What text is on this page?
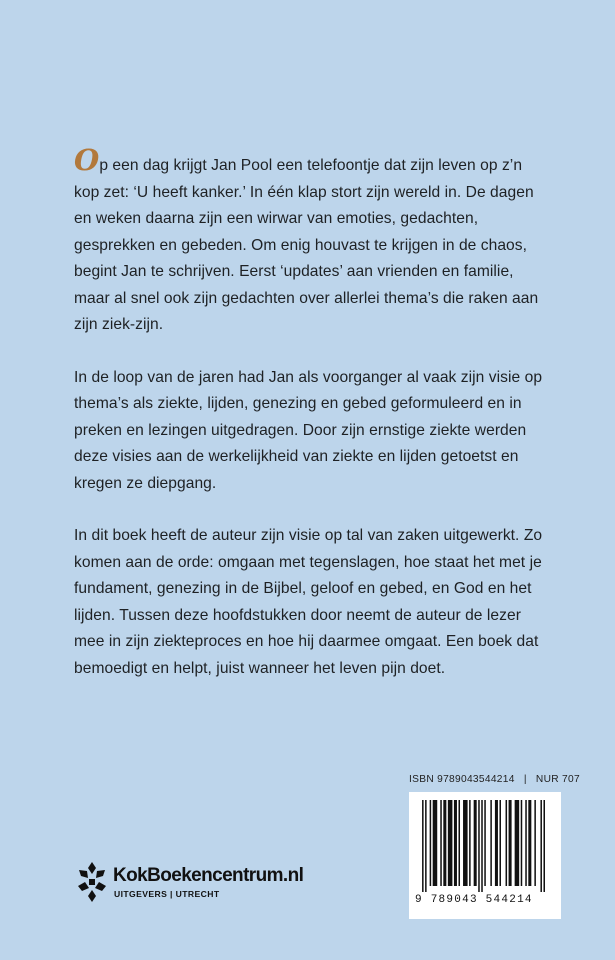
Op een dag krijgt Jan Pool een telefoontje dat zijn leven op z’n kop zet: ‘U heeft kanker.’ In één klap stort zijn wereld in. De dagen en weken daarna zijn een wirwar van emoties, gedachten, gesprekken en gebeden. Om enig houvast te krijgen in de chaos, begint Jan te schrijven. Eerst ‘updates’ aan vrienden en familie, maar al snel ook zijn gedachten over allerlei thema’s die raken aan zijn ziek-zijn.

In de loop van de jaren had Jan als voorganger al vaak zijn visie op thema’s als ziekte, lijden, genezing en gebed geformuleerd en in preken en lezingen uitgedragen. Door zijn ernstige ziekte werden deze visies aan de werkelijkheid van ziekte en lijden getoetst en kregen ze diepgang.

In dit boek heeft de auteur zijn visie op tal van zaken uitgewerkt. Zo komen aan de orde: omgaan met tegenslagen, hoe staat het met je fundament, genezing in de Bijbel, geloof en gebed, en God en het lijden. Tussen deze hoofdstukken door neemt de auteur de lezer mee in zijn ziekteproces en hoe hij daarmee omgaat. Een boek dat bemoedigt en helpt, juist wanneer het leven pijn doet.

ISBN 9789043544214 | NUR 707
9 789043 544214
KokBoekencentrum.nl
UITGEVERS | UTRECHT
